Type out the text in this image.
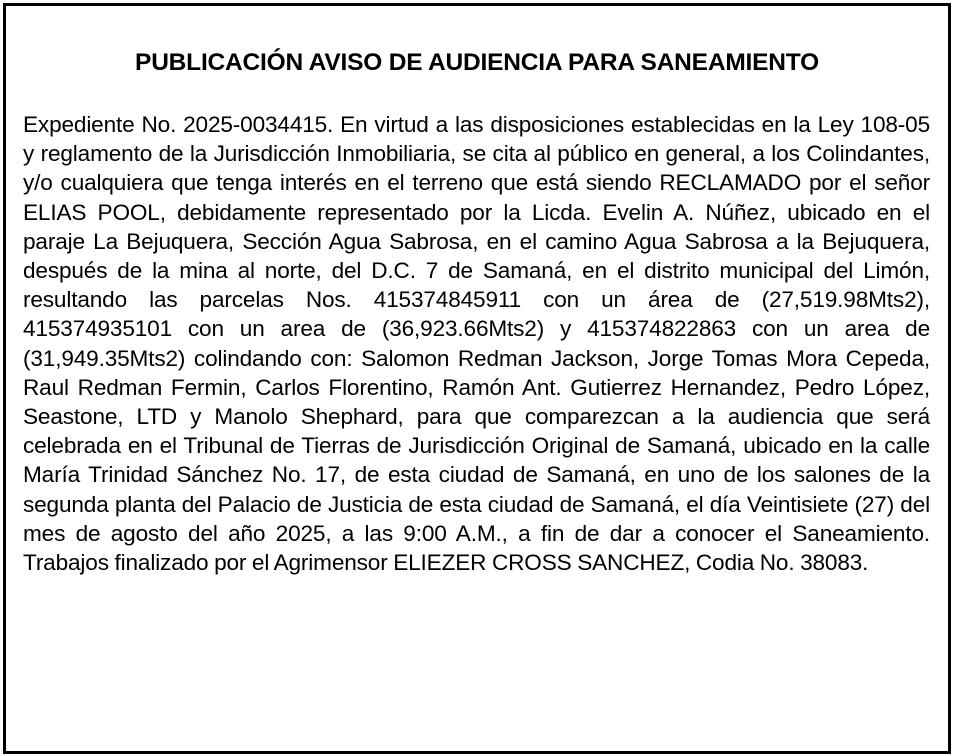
PUBLICACIÓN AVISO DE AUDIENCIA PARA SANEAMIENTO

Expediente No. 2025-0034415. En virtud a las disposiciones establecidas en la Ley 108-05 y reglamento de la Jurisdicción Inmobiliaria, se cita al público en general, a los Colindantes, y/o cualquiera que tenga interés en el terreno que está siendo RECLAMADO por el señor ELIAS POOL, debidamente representado por la Licda. Evelin A. Núñez, ubicado en el paraje La Bejuquera, Sección Agua Sabrosa, en el camino Agua Sabrosa a la Bejuquera, después de la mina al norte, del D.C. 7 de Samaná, en el distrito municipal del Limón, resultando las parcelas Nos. 415374845911 con un área de (27,519.98Mts2), 415374935101 con un area de (36,923.66Mts2) y 415374822863 con un area de (31,949.35Mts2) colindando con: Salomon Redman Jackson, Jorge Tomas Mora Cepeda, Raul Redman Fermin, Carlos Florentino, Ramón Ant. Gutierrez Hernandez, Pedro López, Seastone, LTD y Manolo Shephard, para que comparezcan a la audiencia que será celebrada en el Tribunal de Tierras de Jurisdicción Original de Samaná, ubicado en la calle María Trinidad Sánchez No. 17, de esta ciudad de Samaná, en uno de los salones de la segunda planta del Palacio de Justicia de esta ciudad de Samaná, el día Veintisiete (27) del mes de agosto del año 2025, a las 9:00 A.M., a fin de dar a conocer el Saneamiento. Trabajos finalizado por el Agrimensor ELIEZER CROSS SANCHEZ, Codia No. 38083.
